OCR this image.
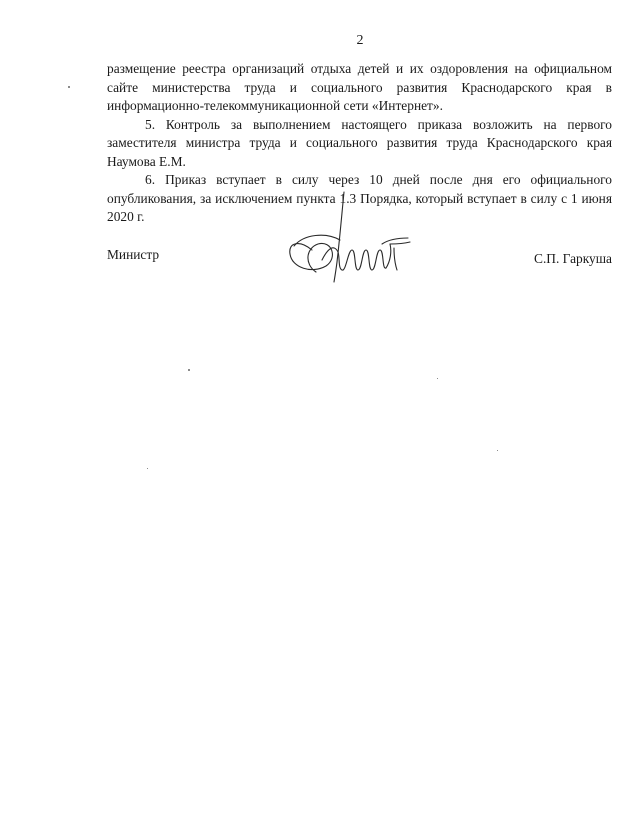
2

размещение реестра организаций отдыха детей и их оздоровления на официальном сайте министерства труда и социального развития Краснодарского края в информационно-телекоммуникационной сети «Интернет».

5. Контроль за выполнением настоящего приказа возложить на первого заместителя министра труда и социального развития труда Краснодарского края Наумова Е.М.

6. Приказ вступает в силу через 10 дней после дня его официального опубликования, за исключением пункта 1.3 Порядка, который вступает в силу с 1 июня 2020 г.

Министр	С.П. Гаркуша
